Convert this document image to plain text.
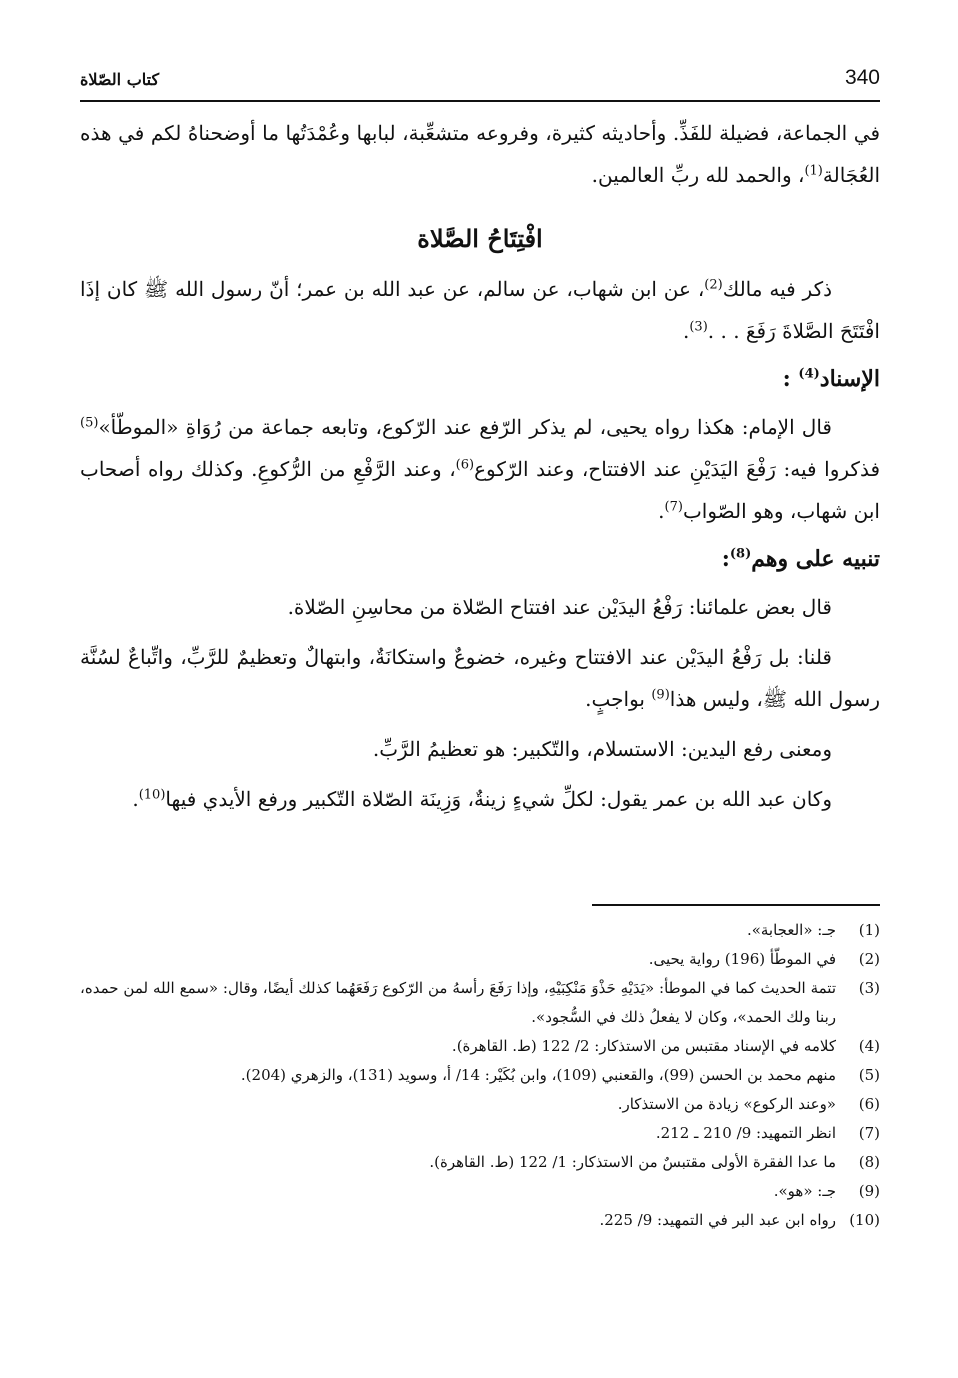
340
كتاب الصّلاة

في الجماعة، فضيلة للفَذِّ. وأحاديثه كثيرة، وفروعه متشعِّبة، لبابها وعُمْدَتُها ما أوضحناهُ لكم في هذه العُجَالة$^{(1)}$، والحمد لله ربِّ العالمين.

افْتِتَاحُ الصَّلاة

ذكر فيه مالك$^{(2)}$، عن ابن شهاب، عن سالم، عن عبد الله بن عمر؛ أنّ رسول الله ﷺ كان إذَا افْتَتَحَ الصَّلاةَ رَفَعَ . . .$^{(3)}$.

الإسناد$^{(4)}$ :

قال الإمام: هكذا رواه يحيى، لم يذكر الرّفع عند الرّكوع، وتابعه جماعة من رُوَاةِ «الموطّأ»$^{(5)}$ فذكروا فيه: رَفْعَ اليَدَيْنِ عند الافتتاح، وعند الرّكوع$^{(6)}$، وعند الرَّفْعِ من الرُّكوعِ. وكذلك رواه أصحاب ابن شهاب، وهو الصّواب$^{(7)}$.

تنبيه على وهم$^{(8)}$:

قال بعض علمائنا: رَفْعُ اليدَيْن عند افتتاح الصّلاة من محاسِنِ الصّلاة.

قلنا: بل رَفْعُ اليدَيْن عند الافتتاح وغيره، خضوعٌ واستكانَةٌ، وابتهالٌ وتعظيمٌ للرَّبِّ، واتِّباعٌ لسُنَّة رسول الله ﷺ، وليس هذا$^{(9)}$ بواجبٍ.

ومعنى رفع اليدين: الاستسلام، والتّكبير: هو تعظيمُ الرَّبِّ.

وكان عبد الله بن عمر يقول: لكلِّ شيءٍ زينةٌ، وَزِينَة الصّلاة التّكبير ورفع الأيدي فيها$^{(10)}$.

(1)
جـ: «العجابة».
(2)
في الموطّأ (196) رواية يحيى.
(3)
تتمة الحديث كما في الموطأ: «يَدَيْهِ حَذْوَ مَنْكِبَيْهِ، وإذا رَفَعَ رأسهُ من الرّكوع رَفَعَهُما كذلك أيضًا، وقال: «سمع الله لمن حمده، ربنا ولك الحمد»، وكان لا يفعلُ ذلك في السُّجود».
(4)
كلامه في الإسناد مقتبس من الاستذكار: 2/ 122 (ط. القاهرة).
(5)
منهم محمد بن الحسن (99)، والقعنبي (109)، وابن بُكَيْر: 14/ أ، وسويد (131)، والزهري (204).
(6)
«وعند الركوع» زيادة من الاستذكار.
(7)
انظر التمهيد: 9/ 210 ـ 212.
(8)
ما عدا الفقرة الأولى مقتبسٌ من الاستذكار: 1/ 122 (ط. القاهرة).
(9)
جـ: «هو».
(10)
رواه ابن عبد البر في التمهيد: 9/ 225.
